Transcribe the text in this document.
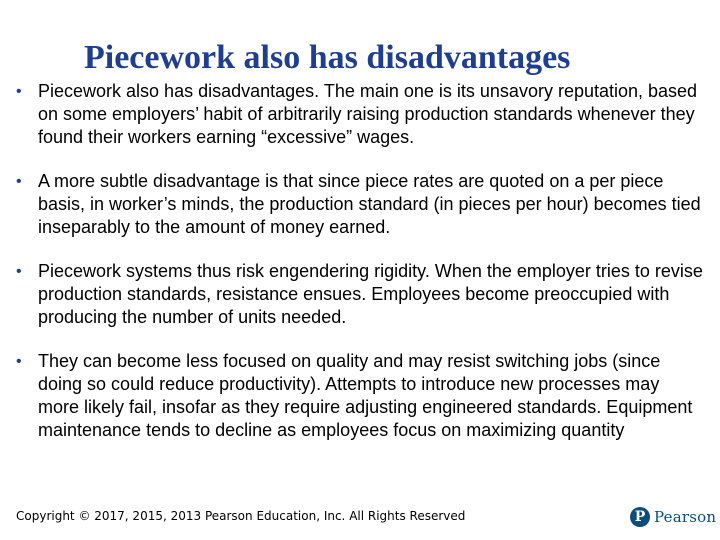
Piecework also has disadvantages
• Piecework also has disadvantages. The main one is its unsavory reputation, based on some employers’ habit of arbitrarily raising production standards whenever they found their workers earning “excessive” wages.
• A more subtle disadvantage is that since piece rates are quoted on a per piece basis, in worker’s minds, the production standard (in pieces per hour) becomes tied inseparably to the amount of money earned.
• Piecework systems thus risk engendering rigidity. When the employer tries to revise production standards, resistance ensues. Employees become preoccupied with producing the number of units needed.
• They can become less focused on quality and may resist switching jobs (since doing so could reduce productivity). Attempts to introduce new processes may more likely fail, insofar as they require adjusting engineered standards. Equipment maintenance tends to decline as employees focus on maximizing quantity
Copyright © 2017, 2015, 2013 Pearson Education, Inc. All Rights Reserved	P Pearson
